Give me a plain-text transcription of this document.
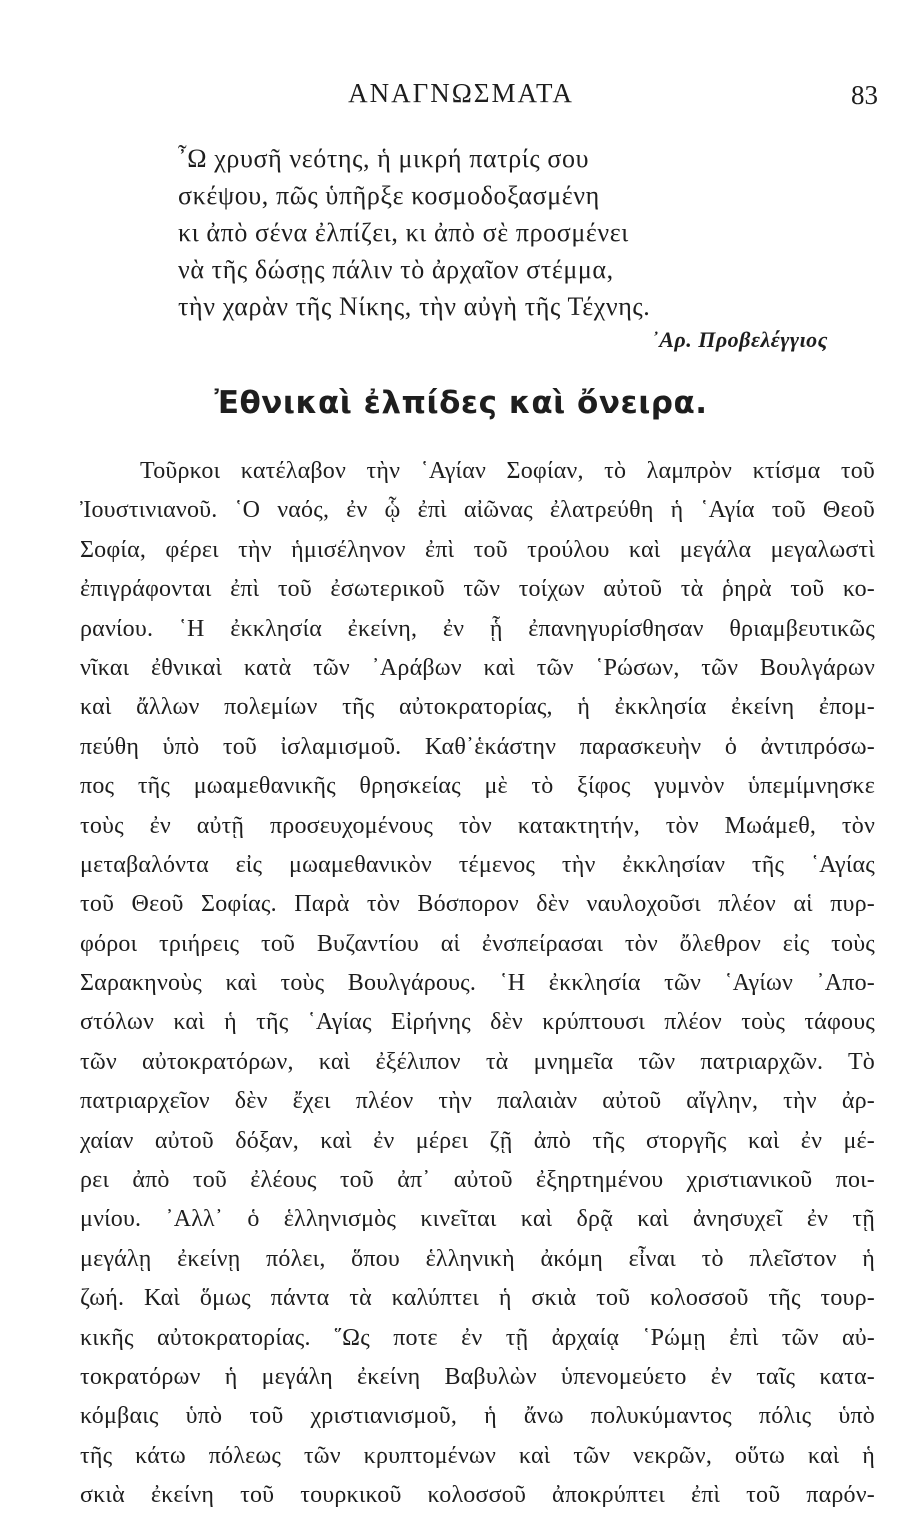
ΑΝΑΓΝΩΣΜΑΤΑ	83
῏Ω χρυσῆ νεότης, ἡ μικρή πατρίς σου
σκέψου, πῶς ὑπῆρξε κοσμοδοξασμένη
κι ἀπὸ σένα ἐλπίζει, κι ἀπὸ σὲ προσμένει
νὰ τῆς δώσῃς πάλιν τὸ ἀρχαῖον στέμμα,
τὴν χαρὰν τῆς Νίκης, τὴν αὐγὴ τῆς Τέχνης.
᾽Αρ. Προβελέγγιος
Ἐθνικαὶ ἐλπίδες καὶ ὄνειρα.
Τοῦρκοι κατέλαβον τὴν ῾Αγίαν Σοφίαν, τὸ λαμπρὸν κτίσμα τοῦ
Ἰουστινιανοῦ. ῾Ο ναός, ἐν ᾧ ἐπὶ αἰῶνας ἐλατρεύθη ἡ ῾Αγία τοῦ Θεοῦ
Σοφία, φέρει τὴν ἡμισέληνον ἐπὶ τοῦ τρούλου καὶ μεγάλα μεγαλωστὶ
ἐπιγράφονται ἐπὶ τοῦ ἐσωτερικοῦ τῶν τοίχων αὐτοῦ τὰ ῥηρὰ τοῦ κο-
ρανίου. ῾Η ἐκκλησία ἐκείνη, ἐν ᾗ ἐπανηγυρίσθησαν θριαμβευτικῶς
νῖκαι ἐθνικαὶ κατὰ τῶν ᾽Αράβων καὶ τῶν ῾Ρώσων, τῶν Βουλγάρων
καὶ ἄλλων πολεμίων τῆς αὐτοκρατορίας, ἡ ἐκκλησία ἐκείνη ἐπομ-
πεύθη ὑπὸ τοῦ ἰσλαμισμοῦ. Καθ᾽ἑκάστην παρασκευὴν ὁ ἀντιπρόσω-
πος τῆς μωαμεθανικῆς θρησκείας μὲ τὸ ξίφος γυμνὸν ὑπεμίμνησκε
τοὺς ἐν αὐτῇ προσευχομένους τὸν κατακτητήν, τὸν Μωάμεθ, τὸν
μεταβαλόντα εἰς μωαμεθανικὸν τέμενος τὴν ἐκκλησίαν τῆς ῾Αγίας
τοῦ Θεοῦ Σοφίας. Παρὰ τὸν Βόσπορον δὲν ναυλοχοῦσι πλέον αἱ πυρ-
φόροι τριήρεις τοῦ Βυζαντίου αἱ ἐνσπείρασαι τὸν ὄλεθρον εἰς τοὺς
Σαρακηνοὺς καὶ τοὺς Βουλγάρους. ῾Η ἐκκλησία τῶν ῾Αγίων ᾽Απο-
στόλων καὶ ἡ τῆς ῾Αγίας Εἰρήνης δὲν κρύπτουσι πλέον τοὺς τάφους
τῶν αὐτοκρατόρων, καὶ ἐξέλιπον τὰ μνημεῖα τῶν πατριαρχῶν. Τὸ
πατριαρχεῖον δὲν ἔχει πλέον τὴν παλαιὰν αὐτοῦ αἴγλην, τὴν ἀρ-
χαίαν αὐτοῦ δόξαν, καὶ ἐν μέρει ζῇ ἀπὸ τῆς στοργῆς καὶ ἐν μέ-
ρει ἀπὸ τοῦ ἐλέους τοῦ ἀπ᾽ αὐτοῦ ἐξηρτημένου χριστιανικοῦ ποι-
μνίου. ᾽Αλλ᾽ ὁ ἑλληνισμὸς κινεῖται καὶ δρᾷ καὶ ἀνησυχεῖ ἐν τῇ
μεγάλῃ ἐκείνῃ πόλει, ὅπου ἑλληνικὴ ἀκόμη εἶναι τὸ πλεῖστον ἡ
ζωή. Καὶ ὅμως πάντα τὰ καλύπτει ἡ σκιὰ τοῦ κολοσσοῦ τῆς τουρ-
κικῆς αὐτοκρατορίας. ῞Ως ποτε ἐν τῇ ἀρχαίᾳ ῾Ρώμῃ ἐπὶ τῶν αὐ-
τοκρατόρων ἡ μεγάλη ἐκείνη Βαβυλὼν ὑπενομεύετο ἐν ταῖς κατα-
κόμβαις ὑπὸ τοῦ χριστιανισμοῦ, ἡ ἄνω πολυκύμαντος πόλις ὑπὸ
τῆς κάτω πόλεως τῶν κρυπτομένων καὶ τῶν νεκρῶν, οὕτω καὶ ἡ
σκιὰ ἐκείνη τοῦ τουρκικοῦ κολοσσοῦ ἀποκρύπτει ἐπὶ τοῦ παρόν-
